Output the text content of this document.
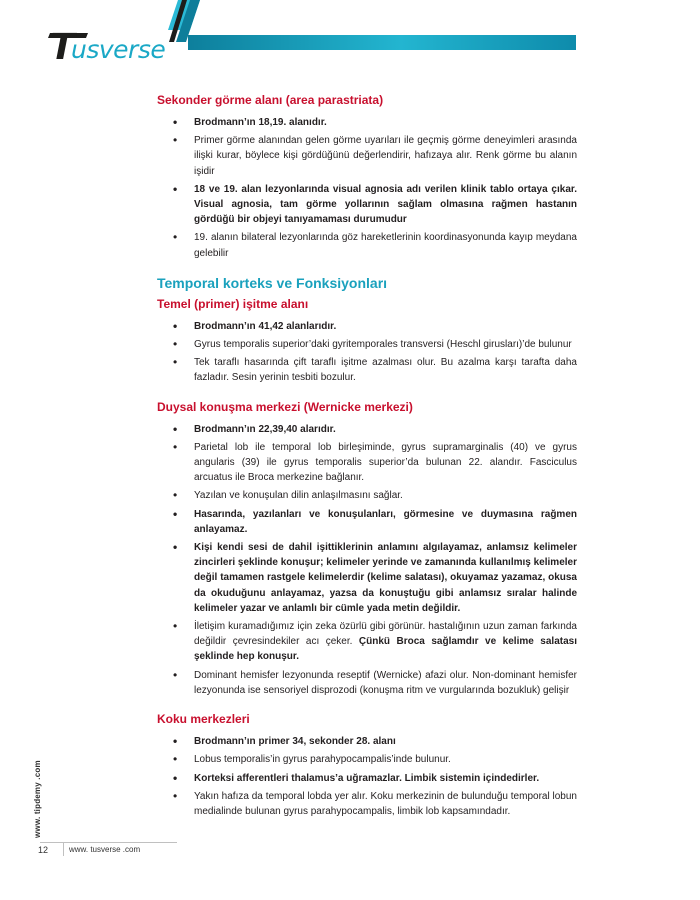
T
usverse
Sekonder görme alanı (area parastriata)
• Brodmann’ın 18,19. alanıdır.
• Primer görme alanından gelen görme uyarıları ile geçmiş görme deneyimleri arasında ilişki kurar, böylece kişi gördüğünü değerlendirir, hafızaya alır. Renk görme bu alanın işidir
• 18 ve 19. alan lezyonlarında visual agnosia adı verilen klinik tablo ortaya çıkar. Visual agnosia, tam görme yollarının sağlam olmasına rağmen hastanın gördüğü bir objeyi tanıyamaması durumudur
• 19. alanın bilateral lezyonlarında göz hareketlerinin koordinasyonunda kayıp meydana gelebilir
Temporal korteks ve Fonksiyonları
Temel (primer) işitme alanı
• Brodmann’ın 41,42 alanlarıdır.
• Gyrus temporalis superior’daki gyritemporales transversi (Heschl girusları)’de bulunur
• Tek taraflı hasarında çift taraflı işitme azalması olur. Bu azalma karşı tarafta daha fazladır. Sesin yerinin tesbiti bozulur.
Duysal konuşma merkezi (Wernicke merkezi)
• Brodmann’ın 22,39,40 alarıdır.
• Parietal lob ile temporal lob birleşiminde, gyrus supramarginalis (40) ve gyrus angularis (39) ile gyrus temporalis superior’da bulunan 22. alandır. Fasciculus arcuatus ile Broca merkezine bağlanır.
• Yazılan ve konuşulan dilin anlaşılmasını sağlar.
• Hasarında, yazılanları ve konuşulanları, görmesine ve duymasına rağmen anlayamaz.
• Kişi kendi sesi de dahil işittiklerinin anlamını algılayamaz, anlamsız kelimeler zincirleri şeklinde konuşur; kelimeler yerinde ve zamanında kullanılmış kelimeler değil tamamen rastgele kelimelerdir (kelime salatası), okuyamaz yazamaz, okusa da okuduğunu anlayamaz, yazsa da konuştuğu gibi anlamsız sıralar halinde kelimeler yazar ve anlamlı bir cümle yada metin değildir.
• İletişim kuramadığımız için zeka özürlü gibi görünür. hastalığının uzun zaman farkında değildir çevresindekiler acı çeker. Çünkü Broca sağlamdır ve kelime salatası şeklinde hep konuşur.
• Dominant hemisfer lezyonunda reseptif (Wernicke) afazi olur. Non-dominant hemisfer lezyonunda ise sensoriyel disprozodi (konuşma ritm ve vurgularında bozukluk) gelişir
Koku merkezleri
• Brodmann’ın primer 34, sekonder 28. alanı
• Lobus temporalis’in gyrus parahypocampalis’inde bulunur.
• Korteksi afferentleri thalamus’a uğramazlar. Limbik sistemin içindedirler.
• Yakın hafıza da temporal lobda yer alır. Koku merkezinin de bulunduğu temporal lobun medialinde bulunan gyrus parahypocampalis, limbik lob kapsamındadır.
www. tipdemy .com
12	www. tusverse .com
